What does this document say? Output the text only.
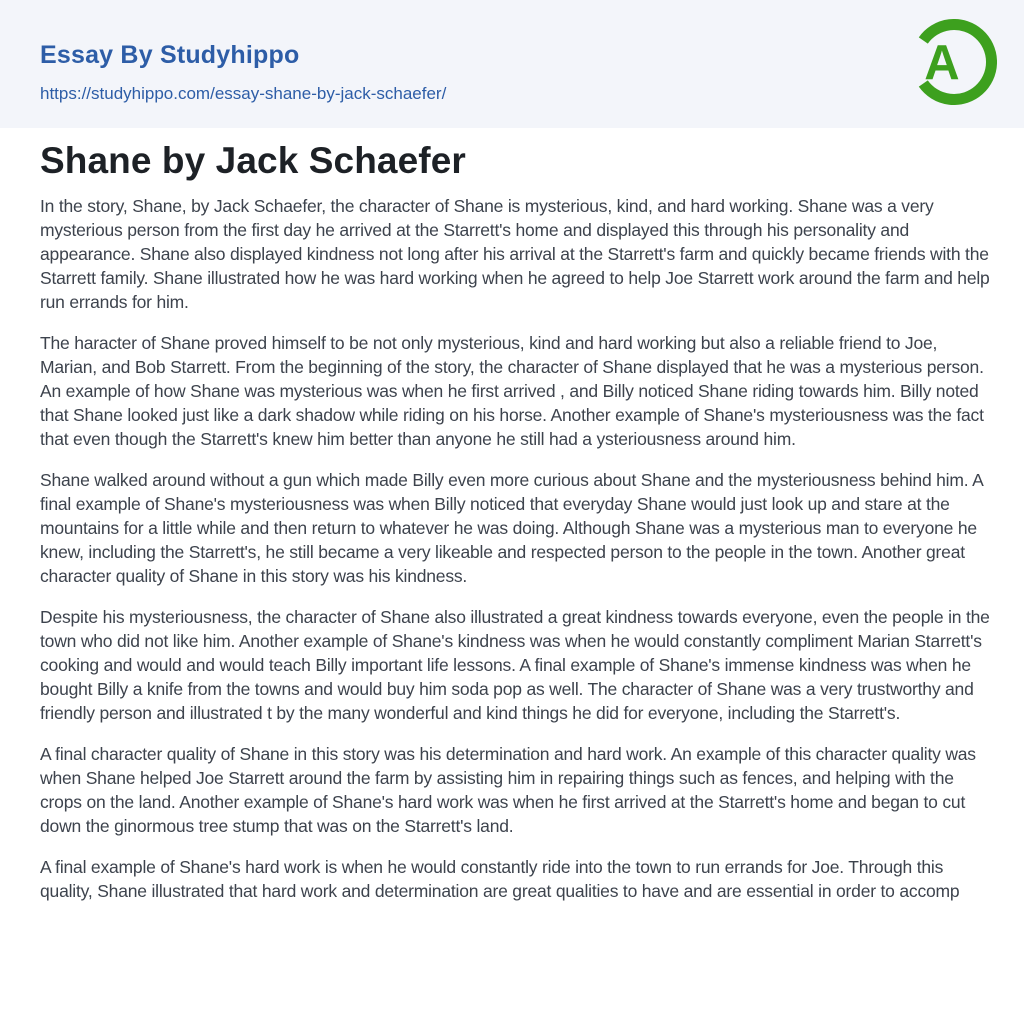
Essay By Studyhippo
https://studyhippo.com/essay-shane-by-jack-schaefer/
A
Shane by Jack Schaefer

In the story, Shane, by Jack Schaefer, the character of Shane is mysterious, kind, and hard working. Shane was a very mysterious person from the first day he arrived at the Starrett's home and displayed this through his personality and appearance. Shane also displayed kindness not long after his arrival at the Starrett's farm and quickly became friends with the Starrett family. Shane illustrated how he was hard working when he agreed to help Joe Starrett work around the farm and help run errands for him.

The haracter of Shane proved himself to be not only mysterious, kind and hard working but also a reliable friend to Joe, Marian, and Bob Starrett. From the beginning of the story, the character of Shane displayed that he was a mysterious person. An example of how Shane was mysterious was when he first arrived , and Billy noticed Shane riding towards him. Billy noted that Shane looked just like a dark shadow while riding on his horse. Another example of Shane's mysteriousness was the fact that even though the Starrett's knew him better than anyone he still had a ysteriousness around him.

Shane walked around without a gun which made Billy even more curious about Shane and the mysteriousness behind him. A final example of Shane's mysteriousness was when Billy noticed that everyday Shane would just look up and stare at the mountains for a little while and then return to whatever he was doing. Although Shane was a mysterious man to everyone he knew, including the Starrett's, he still became a very likeable and respected person to the people in the town. Another great character quality of Shane in this story was his kindness.

Despite his mysteriousness, the character of Shane also illustrated a great kindness towards everyone, even the people in the town who did not like him. Another example of Shane's kindness was when he would constantly compliment Marian Starrett's cooking and would and would teach Billy important life lessons. A final example of Shane's immense kindness was when he bought Billy a knife from the towns and would buy him soda pop as well. The character of Shane was a very trustworthy and friendly person and illustrated t by the many wonderful and kind things he did for everyone, including the Starrett's.

A final character quality of Shane in this story was his determination and hard work. An example of this character quality was when Shane helped Joe Starrett around the farm by assisting him in repairing things such as fences, and helping with the crops on the land. Another example of Shane's hard work was when he first arrived at the Starrett's home and began to cut down the ginormous tree stump that was on the Starrett's land.

A final example of Shane's hard work is when he would constantly ride into the town to run errands for Joe. Through this quality, Shane illustrated that hard work and determination are great qualities to have and are essential in order to accomp
